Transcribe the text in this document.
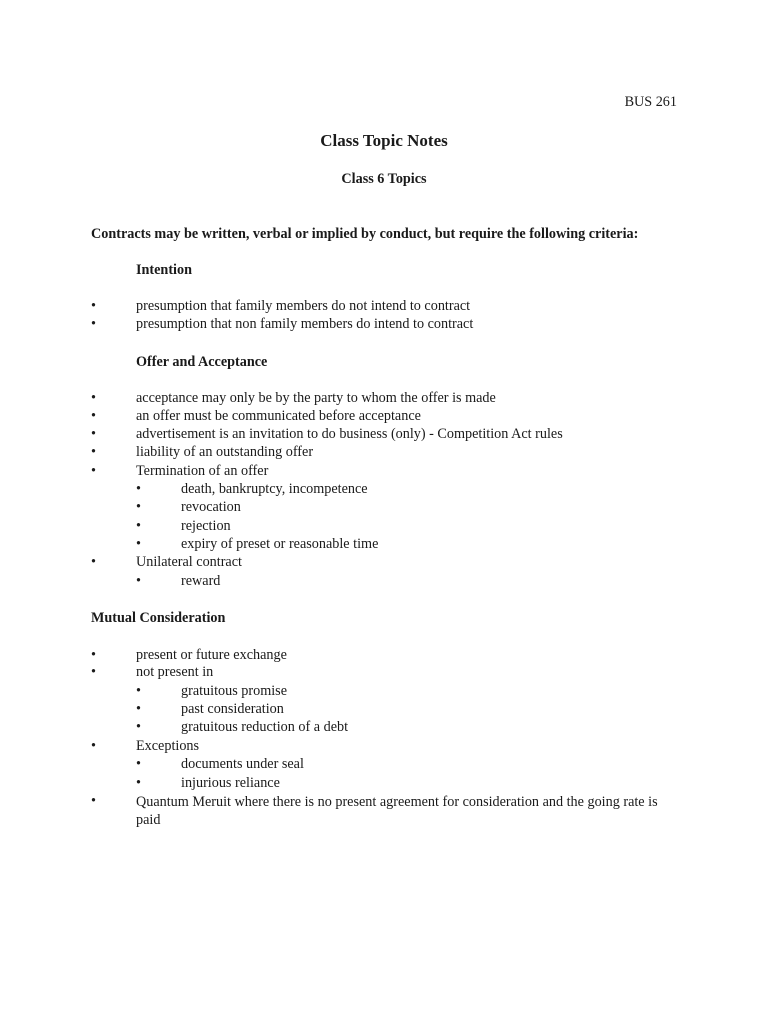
BUS 261
Class Topic Notes
Class 6 Topics
Contracts may be written, verbal or implied by conduct, but require the following criteria:
Intention
•	presumption that family members do not intend to contract
•	presumption that non family members do intend to contract
Offer and Acceptance
•	acceptance may only be by the party to whom the offer is made
•	an offer must be communicated before acceptance
•	advertisement is an invitation to do business (only) - Competition Act rules
•	liability of an outstanding offer
•	Termination of an offer
•	death, bankruptcy, incompetence
•	revocation
•	rejection
•	expiry of preset or reasonable time
•	Unilateral contract
•	reward
Mutual Consideration
•	present or future exchange
•	not present in
•	gratuitous promise
•	past consideration
•	gratuitous reduction of a debt
•	Exceptions
•	documents under seal
•	injurious reliance
•	Quantum Meruit where there is no present agreement for consideration and the going rate is paid
